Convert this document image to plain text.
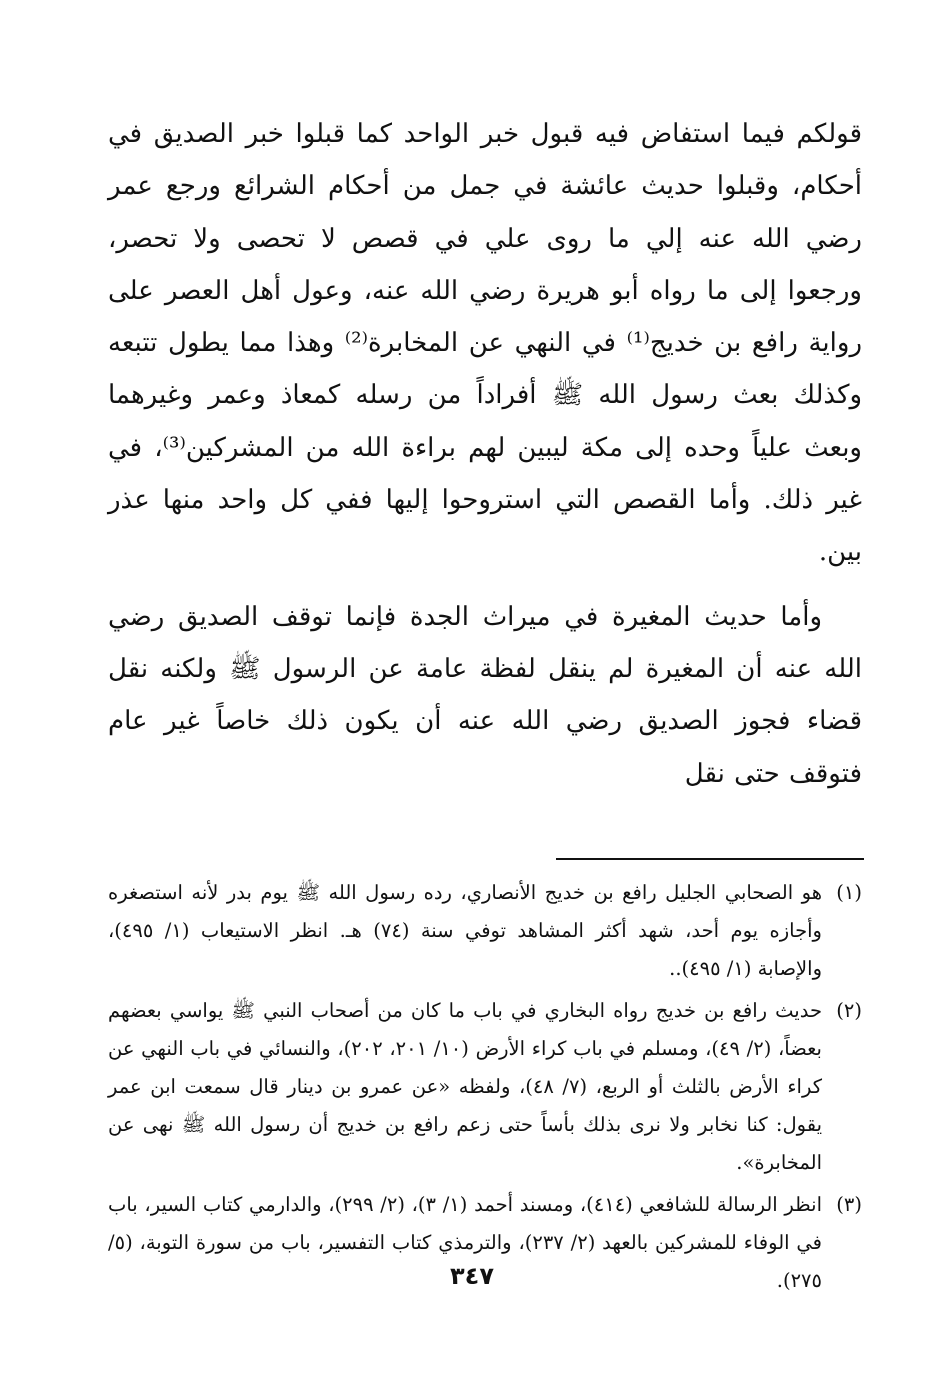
قولكم فيما استفاض فيه قبول خبر الواحد كما قبلوا خبر الصديق في أحكام، وقبلوا حديث عائشة في جمل من أحكام الشرائع ورجع عمر رضي الله عنه إلي ما روى علي في قصص لا تحصى ولا تحصر، ورجعوا إلى ما رواه أبو هريرة رضي الله عنه، وعول أهل العصر على رواية رافع بن خديج⁽¹⁾ في النهي عن المخابرة⁽²⁾ وهذا مما يطول تتبعه وكذلك بعث رسول الله ﷺ أفراداً من رسله كمعاذ وعمر وغيرهما وبعث علياً وحده إلى مكة ليبين لهم براءة الله من المشركين⁽³⁾، في غير ذلك. وأما القصص التي استروحوا إليها ففي كل واحد منها عذر بين.

وأما حديث المغيرة في ميراث الجدة فإنما توقف الصديق رضي الله عنه أن المغيرة لم ينقل لفظة عامة عن الرسول ﷺ ولكنه نقل قضاء فجوز الصديق رضي الله عنه أن يكون ذلك خاصاً غير عام فتوقف حتى نقل

(١)
هو الصحابي الجليل رافع بن خديج الأنصاري، رده رسول الله ﷺ يوم بدر لأنه استصغره وأجازه يوم أحد، شهد أكثر المشاهد توفي سنة (٧٤) هـ. انظر الاستيعاب (١/ ٤٩٥)، والإصابة (١/ ٤٩٥)..
(٢)
حديث رافع بن خديج رواه البخاري في باب ما كان من أصحاب النبي ﷺ يواسي بعضهم بعضاً، (٢/ ٤٩)، ومسلم في باب كراء الأرض (١٠/ ٢٠١، ٢٠٢)، والنسائي في باب النهي عن كراء الأرض بالثلث أو الربع، (٧/ ٤٨)، ولفظه «عن عمرو بن دينار قال سمعت ابن عمر يقول: كنا نخابر ولا نرى بذلك بأساً حتى زعم رافع بن خديج أن رسول الله ﷺ نهى عن المخابرة».
(٣)
انظر الرسالة للشافعي (٤١٤)، ومسند أحمد (١/ ٣)، (٢/ ٢٩٩)، والدارمي كتاب السير، باب في الوفاء للمشركين بالعهد (٢/ ٢٣٧)، والترمذي كتاب التفسير، باب من سورة التوبة، (٥/ ٢٧٥).
٣٤٧
